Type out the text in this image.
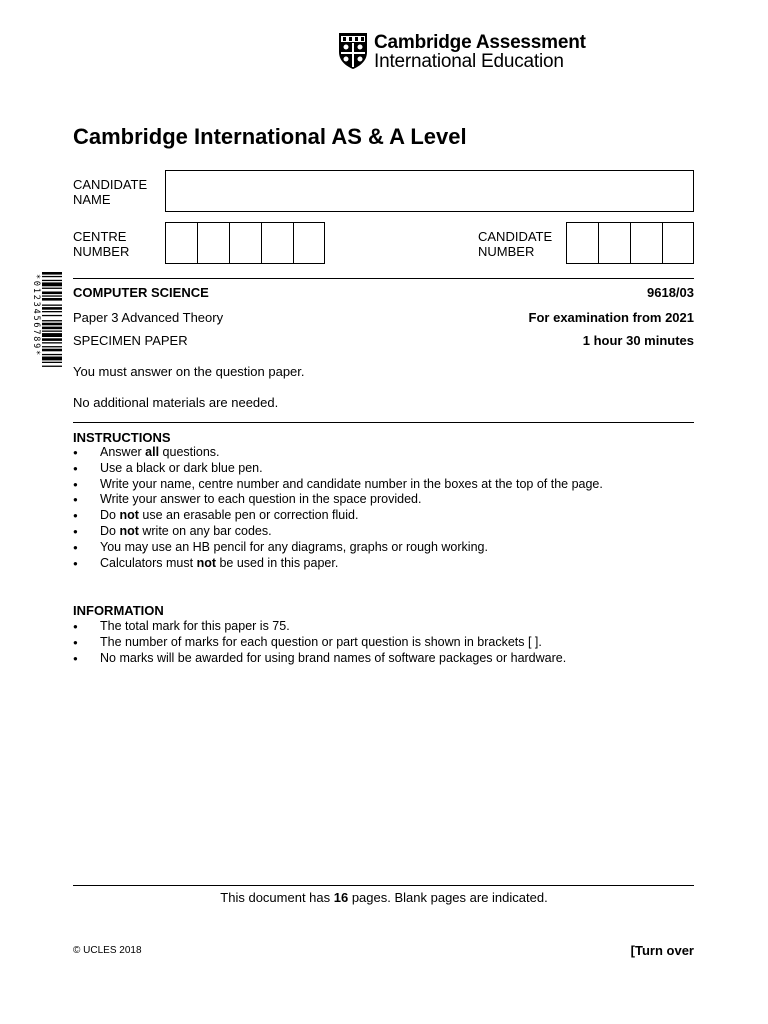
Cambridge Assessment
International Education
Cambridge International AS & A Level
CANDIDATE
NAME
CENTRE
NUMBER
CANDIDATE
NUMBER
*0123456789* COMPUTER SCIENCE	9618/03
Paper 3 Advanced Theory	For examination from 2021
SPECIMEN PAPER	1 hour 30 minutes
You must answer on the question paper.
No additional materials are needed.
INSTRUCTIONS
● Answer all questions.
● Use a black or dark blue pen.
● Write your name, centre number and candidate number in the boxes at the top of the page.
● Write your answer to each question in the space provided.
● Do not use an erasable pen or correction fluid.
● Do not write on any bar codes.
● You may use an HB pencil for any diagrams, graphs or rough working.
● Calculators must not be used in this paper.
INFORMATION
● The total mark for this paper is 75.
● The number of marks for each question or part question is shown in brackets [ ].
● No marks will be awarded for using brand names of software packages or hardware.
This document has 16 pages. Blank pages are indicated.
© UCLES 2018	[Turn over
